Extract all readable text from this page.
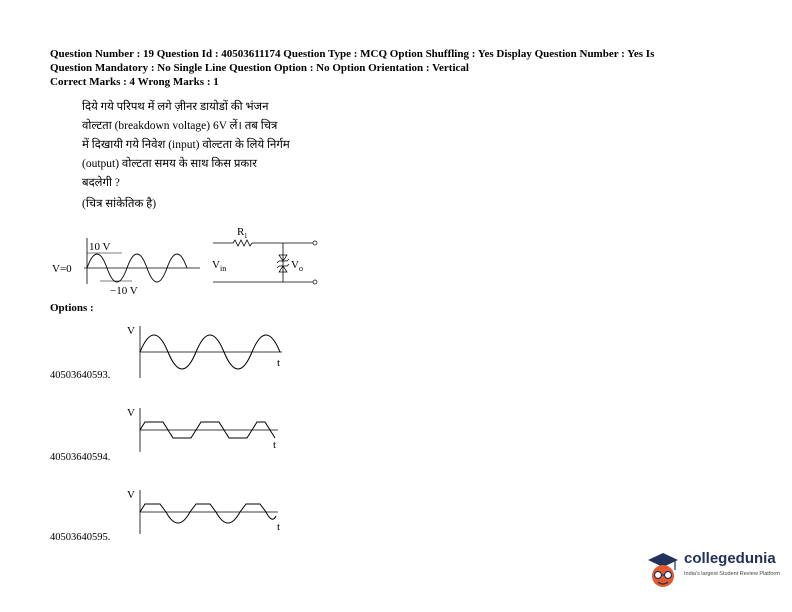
Question Number : 19 Question Id : 40503611174 Question Type : MCQ Option Shuffling : Yes Display Question Number : Yes Is
Question Mandatory : No Single Line Question Option : No Option Orientation : Vertical
Correct Marks : 4 Wrong Marks : 1

दिये गये परिपथ में लगे ज़ीनर डायोडों की भंजन

वोल्टता (breakdown voltage) 6V लें। तब चित्र

में दिखायी गये निवेश (input) वोल्टता के लिये निर्गम

(output) वोल्टता समय के साथ किस प्रकार

बदलेगी ?

(चित्र सांकेतिक है)
V=0
10 V
−10 V
R 1
V in	V o
Options :
V
t
40503640593.
V
t
40503640594.
V
t
40503640595.
collegedunia
India's largest Student Review Platform
